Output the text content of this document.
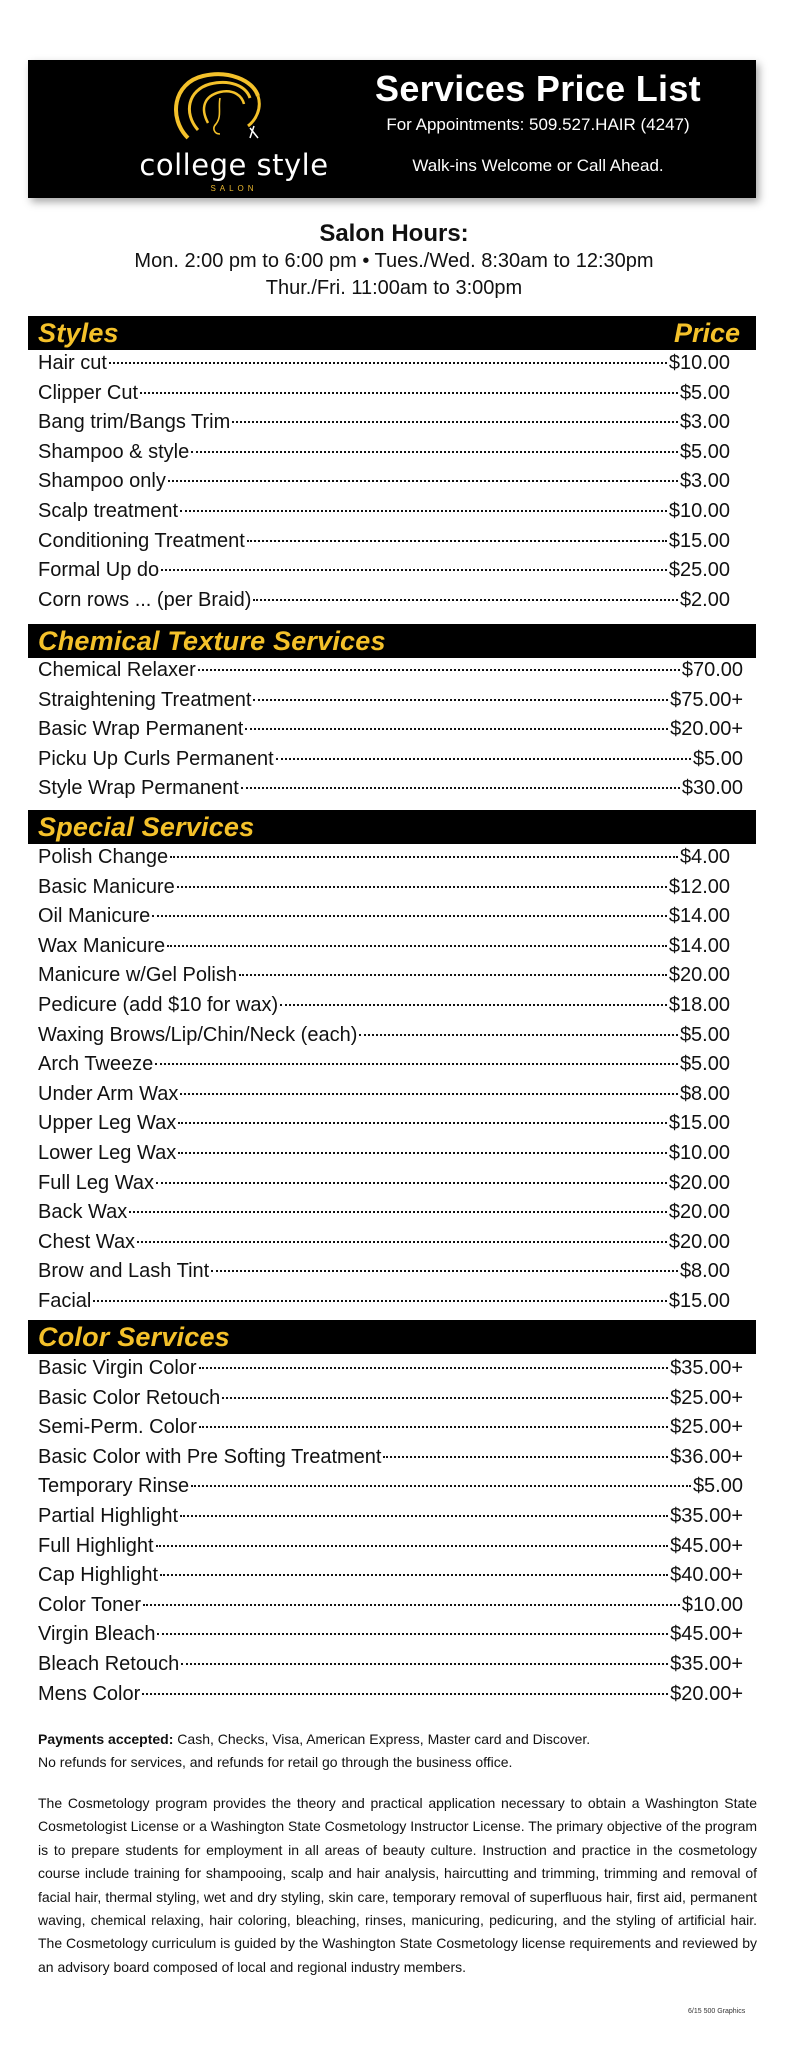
college style
SALON
Services Price List
For Appointments: 509.527.HAIR (4247)
Walk-ins Welcome or Call Ahead.
Salon Hours:
Mon. 2:00 pm to 6:00 pm • Tues./Wed. 8:30am to 12:30pm
Thur./Fri. 11:00am to 3:00pm
Styles	Price
Hair cut	$10.00
Clipper Cut	$5.00
Bang trim/Bangs Trim	$3.00
Shampoo & style	$5.00
Shampoo only	$3.00
Scalp treatment	$10.00
Conditioning Treatment	$15.00
Formal Up do	$25.00
Corn rows ... (per Braid)	$2.00
Chemical Texture Services
Chemical Relaxer	$70.00
Straightening Treatment	$75.00+
Basic Wrap Permanent	$20.00+
Picku Up Curls Permanent	$5.00
Style Wrap Permanent	$30.00
Special Services
Polish Change	$4.00
Basic Manicure	$12.00
Oil Manicure	$14.00
Wax Manicure	$14.00
Manicure w/Gel Polish	$20.00
Pedicure (add $10 for wax)	$18.00
Waxing Brows/Lip/Chin/Neck (each)	$5.00
Arch Tweeze	$5.00
Under Arm Wax	$8.00
Upper Leg Wax	$15.00
Lower Leg Wax	$10.00
Full Leg Wax	$20.00
Back Wax	$20.00
Chest Wax	$20.00
Brow and Lash Tint	$8.00
Facial	$15.00
Color Services
Basic Virgin Color	$35.00+
Basic Color Retouch	$25.00+
Semi-Perm. Color	$25.00+
Basic Color with Pre Softing Treatment	$36.00+
Temporary Rinse	$5.00
Partial Highlight	$35.00+
Full Highlight	$45.00+
Cap Highlight	$40.00+
Color Toner	$10.00
Virgin Bleach	$45.00+
Bleach Retouch	$35.00+
Mens Color	$20.00+
Payments accepted: Cash, Checks, Visa, American Express, Master card and Discover.
No refunds for services, and refunds for retail go through the business office.
The Cosmetology program provides the theory and practical application necessary to obtain a Washington State Cosmetologist License or a Washington State Cosmetology Instructor License. The primary objective of the program is to prepare students for employment in all areas of beauty culture. Instruction and practice in the cosmetology course include training for shampooing, scalp and hair analysis, haircutting and trimming, trimming and removal of facial hair, thermal styling, wet and dry styling, skin care, temporary removal of superfluous hair, first aid, permanent waving, chemical relaxing, hair coloring, bleaching, rinses, manicuring, pedicuring, and the styling of artificial hair. The Cosmetology curriculum is guided by the Washington State Cosmetology license requirements and reviewed by an advisory board composed of local and regional industry members.
6/15 500 Graphics
